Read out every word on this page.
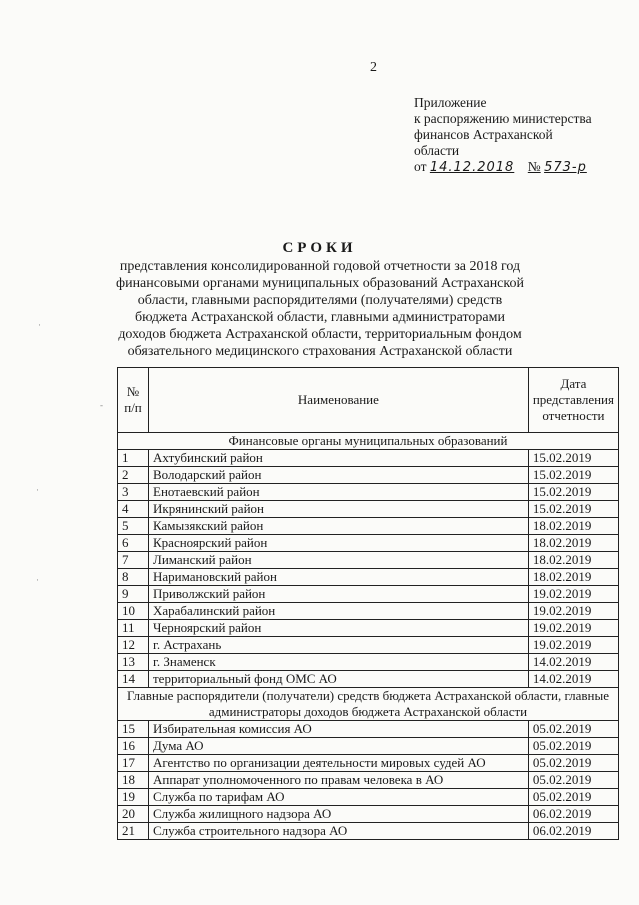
2
Приложение
к распоряжению министерства
финансов Астраханской
области
от 14.12.2018 № 573-р
СРОКИ
представления консолидированной годовой отчетности за 2018 год финансовыми органами муниципальных образований Астраханской области, главными распорядителями (получателями) средств бюджета Астраханской области, главными администраторами доходов бюджета Астраханской области, территориальным фондом обязательного медицинского страхования Астраханской области
·
-
·
·
№ п/п	Наименование	Дата представления отчетности
Финансовые органы муниципальных образований		
1	Ахтубинский район	15.02.2019
2	Володарский район	15.02.2019
3	Енотаевский район	15.02.2019
4	Икрянинский район	15.02.2019
5	Камызякский район	18.02.2019
6	Красноярский район	18.02.2019
7	Лиманский район	18.02.2019
8	Наримановский район	18.02.2019
9	Приволжский район	19.02.2019
10	Харабалинский район	19.02.2019
11	Черноярский район	19.02.2019
12	г. Астрахань	19.02.2019
13	г. Знаменск	14.02.2019
14	территориальный фонд ОМС АО	14.02.2019
Главные распорядители (получатели) средств бюджета Астраханской области, главные администраторы доходов бюджета Астраханской области		
15	Избирательная комиссия АО	05.02.2019
16	Дума АО	05.02.2019
17	Агентство по организации деятельности мировых судей АО	05.02.2019
18	Аппарат уполномоченного по правам человека в АО	05.02.2019
19	Служба по тарифам АО	05.02.2019
20	Служба жилищного надзора АО	06.02.2019
21	Служба строительного надзора АО	06.02.2019
